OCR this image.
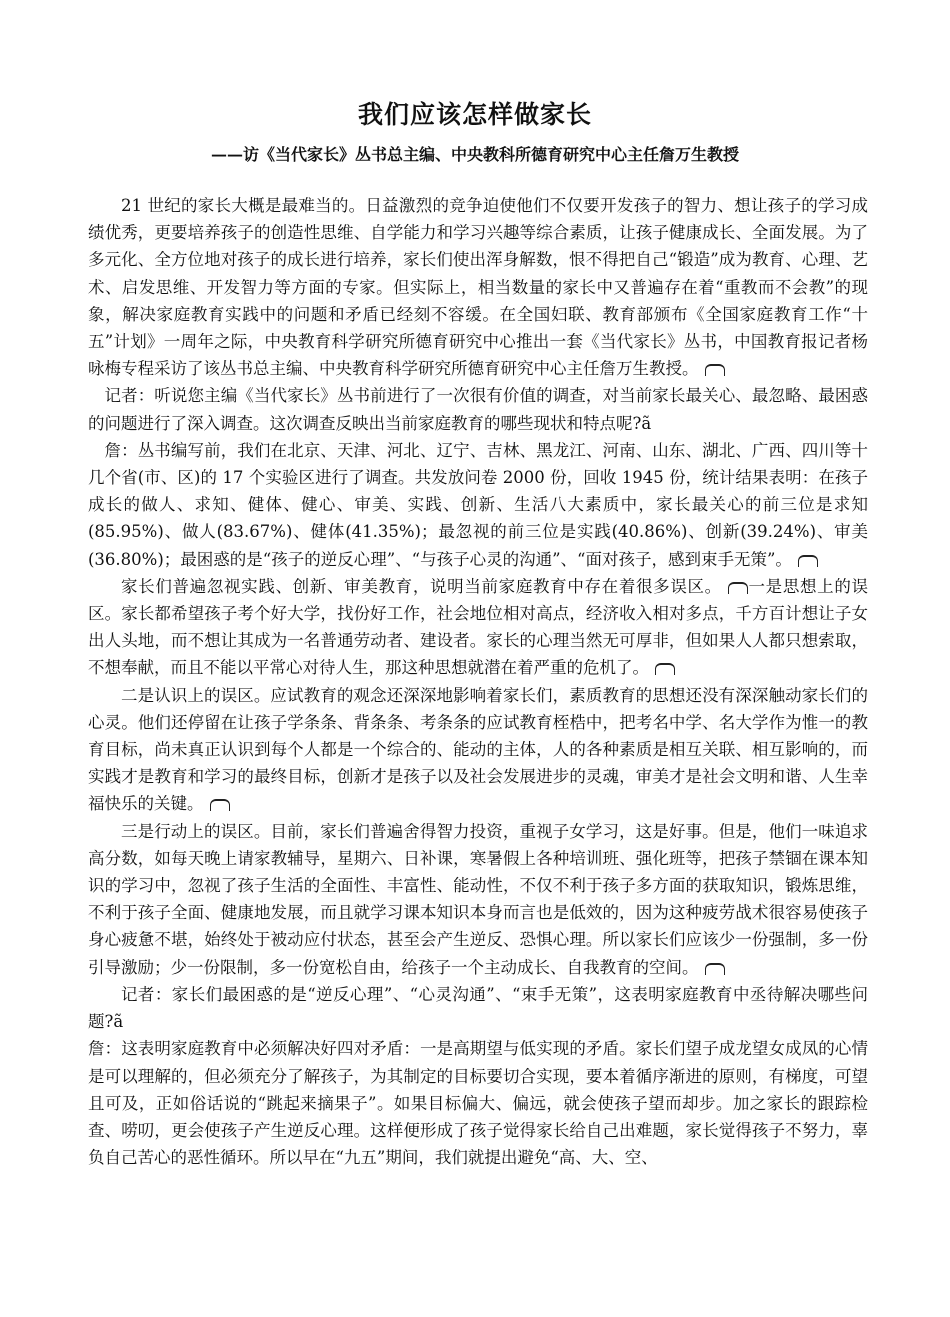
我们应该怎样做家长
——访《当代家长》丛书总主编、中央教科所德育研究中心主任詹万生教授

21 世纪的家长大概是最难当的。日益激烈的竞争迫使他们不仅要开发孩子的智力、想让孩子的学习成绩优秀，更要培养孩子的创造性思维、自学能力和学习兴趣等综合素质，让孩子健康成长、全面发展。为了多元化、全方位地对孩子的成长进行培养，家长们使出浑身解数，恨不得把自己“锻造”成为教育、心理、艺术、启发思维、开发智力等方面的专家。但实际上，相当数量的家长中又普遍存在着“重教而不会教”的现象，解决家庭教育实践中的问题和矛盾已经刻不容缓。在全国妇联、教育部颁布《全国家庭教育工作“十五”计划》一周年之际，中央教育科学研究所德育研究中心推出一套《当代家长》丛书，中国教育报记者杨咏梅专程采访了该丛书总主编、中央教育科学研究所德育研究中心主任詹万生教授。

记者：听说您主编《当代家长》丛书前进行了一次很有价值的调查，对当前家长最关心、最忽略、最困惑的问题进行了深入调查。这次调查反映出当前家庭教育的哪些现状和特点呢?ã

詹：丛书编写前，我们在北京、天津、河北、辽宁、吉林、黑龙江、河南、山东、湖北、广西、四川等十几个省(市、区)的 17 个实验区进行了调查。共发放问卷 2000 份，回收 1945 份，统计结果表明：在孩子成长的做人、求知、健体、健心、审美、实践、创新、生活八大素质中，家长最关心的前三位是求知(85.95%)、做人(83.67%)、健体(41.35%)；最忽视的前三位是实践(40.86%)、创新(39.24%)、审美(36.80%)；最困惑的是“孩子的逆反心理”、“与孩子心灵的沟通”、“面对孩子，感到束手无策”。

家长们普遍忽视实践、创新、审美教育，说明当前家庭教育中存在着很多误区。 一是思想上的误区。家长都希望孩子考个好大学，找份好工作，社会地位相对高点，经济收入相对多点，千方百计想让子女出人头地，而不想让其成为一名普通劳动者、建设者。家长的心理当然无可厚非，但如果人人都只想索取，不想奉献，而且不能以平常心对待人生，那这种思想就潜在着严重的危机了。

二是认识上的误区。应试教育的观念还深深地影响着家长们，素质教育的思想还没有深深触动家长们的心灵。他们还停留在让孩子学条条、背条条、考条条的应试教育桎梏中，把考名中学、名大学作为惟一的教育目标，尚未真正认识到每个人都是一个综合的、能动的主体，人的各种素质是相互关联、相互影响的，而实践才是教育和学习的最终目标，创新才是孩子以及社会发展进步的灵魂，审美才是社会文明和谐、人生幸福快乐的关键。

三是行动上的误区。目前，家长们普遍舍得智力投资，重视子女学习，这是好事。但是，他们一味追求高分数，如每天晚上请家教辅导，星期六、日补课，寒暑假上各种培训班、强化班等，把孩子禁锢在课本知识的学习中，忽视了孩子生活的全面性、丰富性、能动性，不仅不利于孩子多方面的获取知识，锻炼思维，不利于孩子全面、健康地发展，而且就学习课本知识本身而言也是低效的，因为这种疲劳战术很容易使孩子身心疲惫不堪，始终处于被动应付状态，甚至会产生逆反、恐惧心理。所以家长们应该少一份强制，多一份引导激励；少一份限制，多一份宽松自由，给孩子一个主动成长、自我教育的空间。

记者：家长们最困惑的是“逆反心理”、“心灵沟通”、“束手无策”，这表明家庭教育中丞待解决哪些问题?ã

詹：这表明家庭教育中必须解决好四对矛盾：一是高期望与低实现的矛盾。家长们望子成龙望女成凤的心情是可以理解的，但必须充分了解孩子，为其制定的目标要切合实现，要本着循序渐进的原则，有梯度，可望且可及，正如俗话说的“跳起来摘果子”。如果目标偏大、偏远，就会使孩子望而却步。加之家长的跟踪检查、唠叨，更会使孩子产生逆反心理。这样便形成了孩子觉得家长给自己出难题，家长觉得孩子不努力，辜负自己苦心的恶性循环。所以早在“九五”期间，我们就提出避免“高、大、空、
